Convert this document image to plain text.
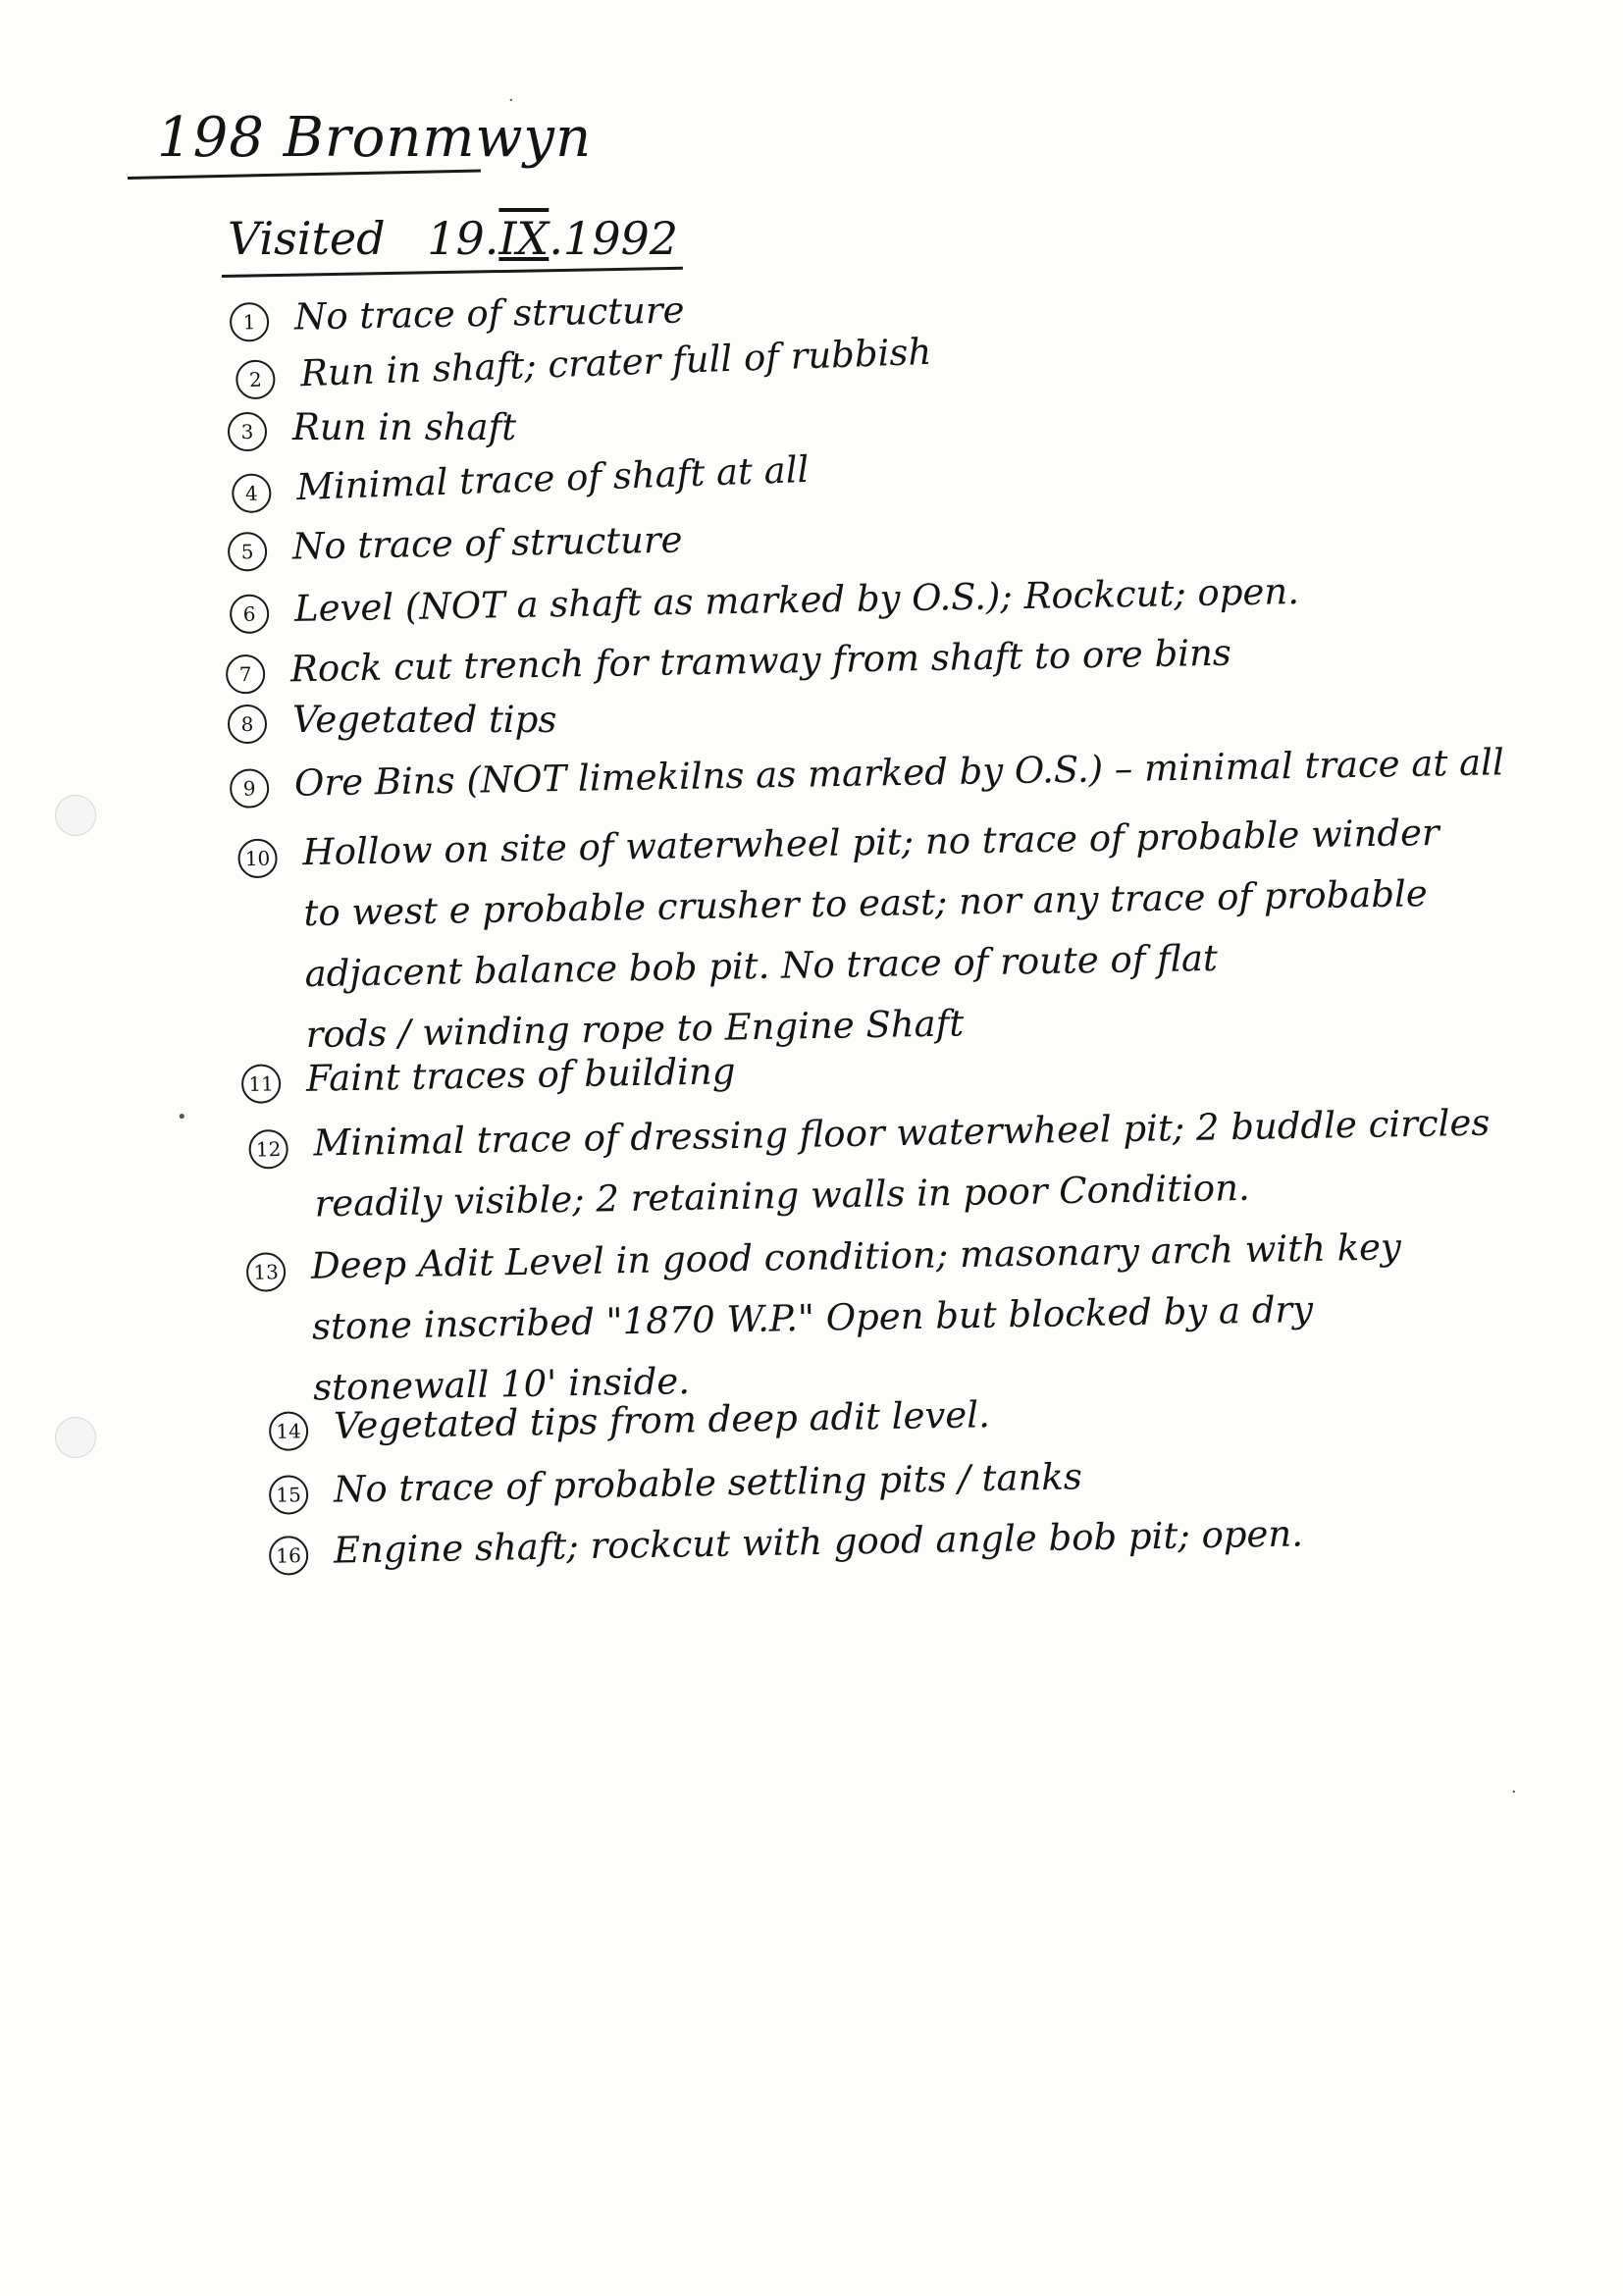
198 Bronmwyn
Visited 19.IX.1992
1	No trace of structure
2	Run in shaft; crater full of rubbish
3	Run in shaft
4	Minimal trace of shaft at all
5	No trace of structure
6	Level (NOT a shaft as marked by O.S.); Rockcut; open.
7	Rock cut trench for tramway from shaft to ore bins
8	Vegetated tips
9	Ore Bins (NOT limekilns as marked by O.S.) – minimal trace at all
10 Hollow on site of waterwheel pit; no trace of probable winder
to west e probable crusher to east; nor any trace of probable
adjacent balance bob pit. No trace of route of flat
rods / winding rope to Engine Shaft
11 Faint traces of building
12 Minimal trace of dressing floor waterwheel pit; 2 buddle circles
readily visible; 2 retaining walls in poor Condition.
13 Deep Adit Level in good condition; masonary arch with key
stone inscribed "1870 W.P." Open but blocked by a dry
stonewall 10' inside.
14 Vegetated tips from deep adit level.
15 No trace of probable settling pits / tanks
16 Engine shaft; rockcut with good angle bob pit; open.
•
·
·
